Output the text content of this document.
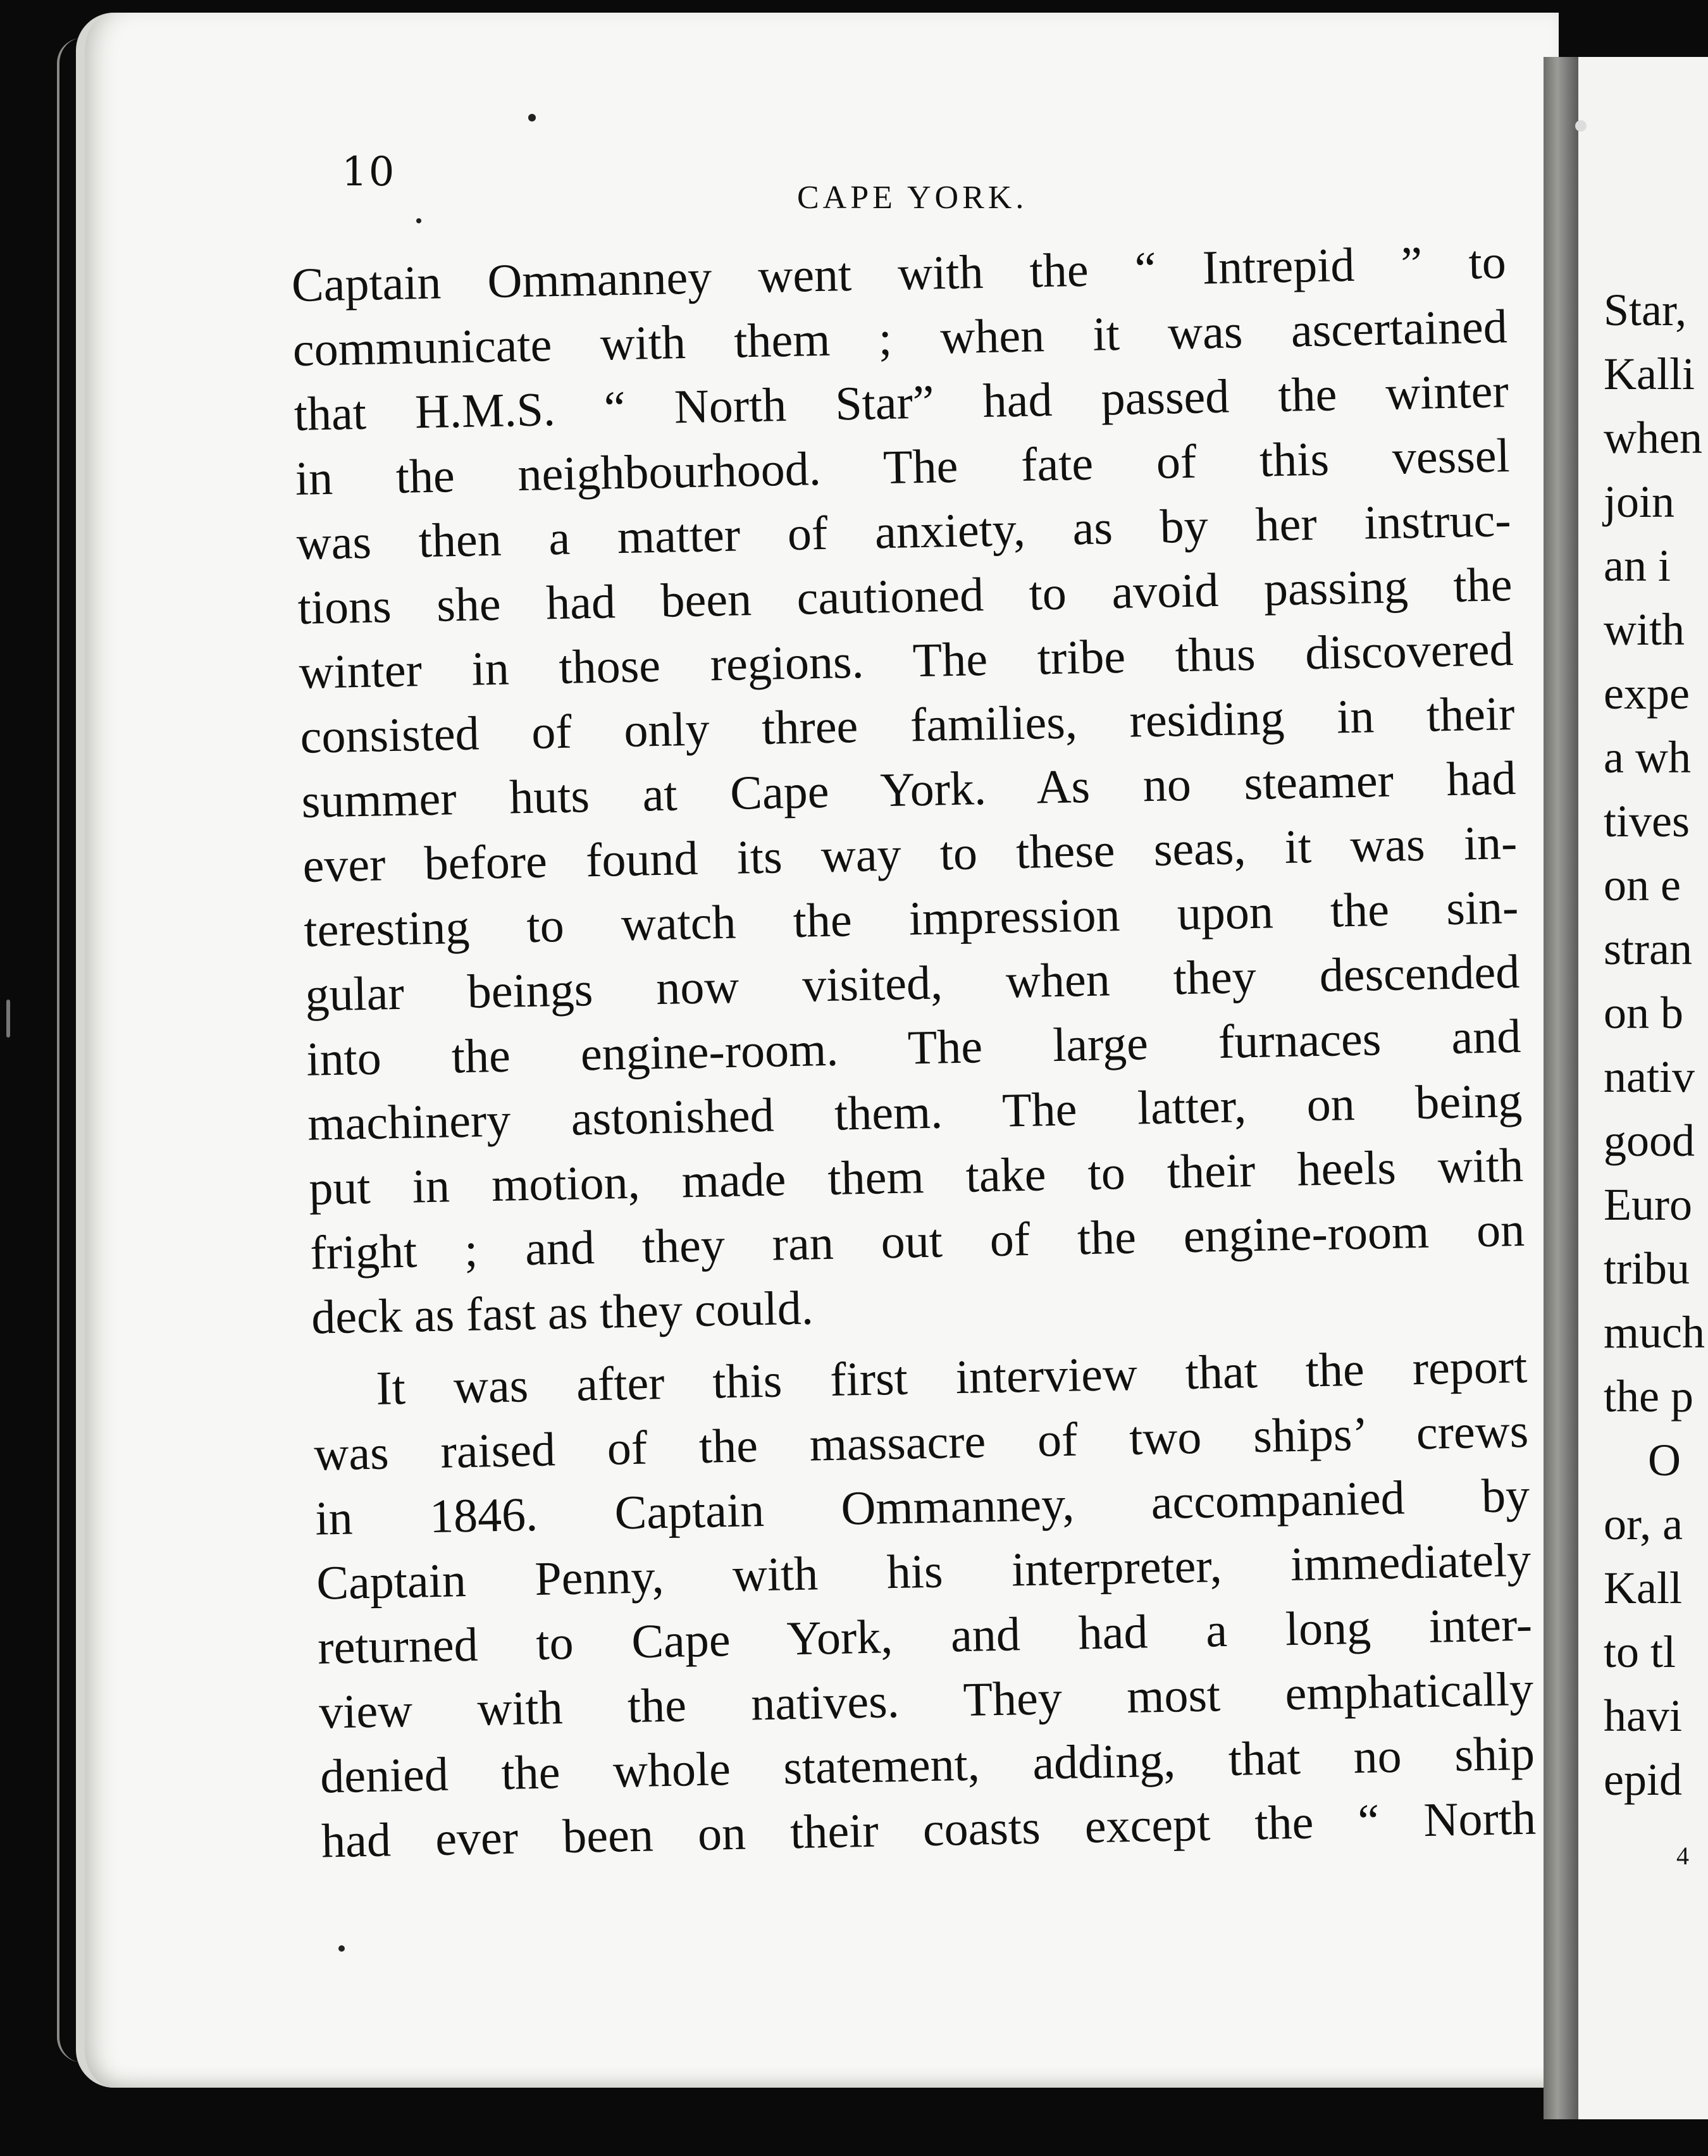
Star,
Kalli
when
join
an i
with
expe
a wh
tives
on e
stran
on b
nativ
good
Euro
tribu
much
the p
O
or, a
Kall
to tl
havi
epid
4
10
CAPE YORK.
Captain Ommanney went with the “ Intrepid ” to
communicate with them ; when it was ascertained
that H.M.S. “ North Star” had passed the winter
in the neighbourhood. The fate of this vessel
was then a matter of anxiety, as by her instruc-
tions she had been cautioned to avoid passing the
winter in those regions. The tribe thus discovered
consisted of only three families, residing in their
summer huts at Cape York. As no steamer had
ever before found its way to these seas, it was in-
teresting to watch the impression upon the sin-
gular beings now visited, when they descended
into the engine-room. The large furnaces and
machinery astonished them. The latter, on being
put in motion, made them take to their heels with
fright ; and they ran out of the engine-room on
deck as fast as they could.
It was after this first interview that the report
was raised of the massacre of two ships’ crews
in 1846. Captain Ommanney, accompanied by
Captain Penny, with his interpreter, immediately
returned to Cape York, and had a long inter-
view with the natives. They most emphatically
denied the whole statement, adding, that no ship
had ever been on their coasts except the “ North
